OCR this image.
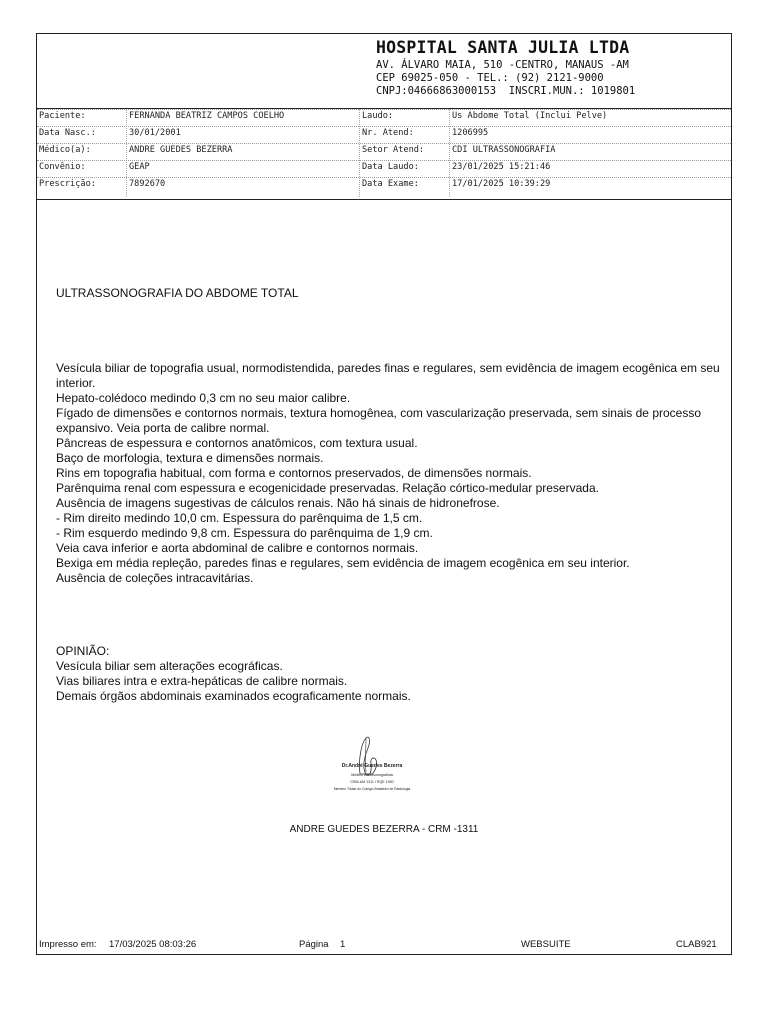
HOSPITAL SANTA JULIA LTDA
AV. ÁLVARO MAIA, 510 -CENTRO, MANAUS -AM
CEP 69025-050 - TEL.: (92) 2121-9000
CNPJ:04666863000153  INSCRI.MUN.: 1019801
Paciente:	FERNANDA BEATRIZ CAMPOS COELHO	Laudo:	Us Abdome Total (Inclui Pelve)
Data Nasc.:	30/01/2001	Nr. Atend:	1206995
Médico(a):	ANDRE GUEDES BEZERRA	Setor Atend:	CDI ULTRASSONOGRAFIA
Convênio:	GEAP	Data Laudo:	23/01/2025 15:21:46
Prescrição:	7892670	Data Exame:	17/01/2025 10:39:29
ULTRASSONOGRAFIA DO ABDOME TOTAL
Vesícula biliar de topografia usual, normodistendida, paredes finas e regulares, sem evidência de imagem ecogênica em seu interior.
Hepato-colédoco medindo 0,3 cm no seu maior calibre.
Fígado de dimensões e contornos normais, textura homogênea, com vascularização preservada, sem sinais de processo expansivo. Veia porta de calibre normal.
Pâncreas de espessura e contornos anatômicos, com textura usual.
Baço de morfologia, textura e dimensões normais.
Rins em topografia habitual, com forma e contornos preservados, de dimensões normais.
Parênquima renal com espessura e ecogenicidade preservadas. Relação córtico-medular preservada.
Ausência de imagens sugestivas de cálculos renais. Não há sinais de hidronefrose.
- Rim direito medindo 10,0 cm. Espessura do parênquima de 1,5 cm.
- Rim esquerdo medindo 9,8 cm. Espessura do parênquima de 1,9 cm.
Veia cava inferior e aorta abdominal de calibre e contornos normais.
Bexiga em média repleção, paredes finas e regulares, sem evidência de imagem ecogênica em seu interior.
Ausência de coleções intracavitárias.
OPINIÃO:
Vesícula biliar sem alterações ecográficas.
Vias biliares intra e extra-hepáticas de calibre normais.
Demais órgãos abdominais examinados ecograficamente normais.
Dr.André Guedes Bezerra
Médico Ultrassonografista
CRM-AM 1311 / RQE 1950
Membro Titular do Colégio Brasileiro de Radiologia
ANDRE GUEDES BEZERRA - CRM -1311
Impresso em: 17/03/2025 08:03:26	Página 1	WEBSUITE	CLAB921
